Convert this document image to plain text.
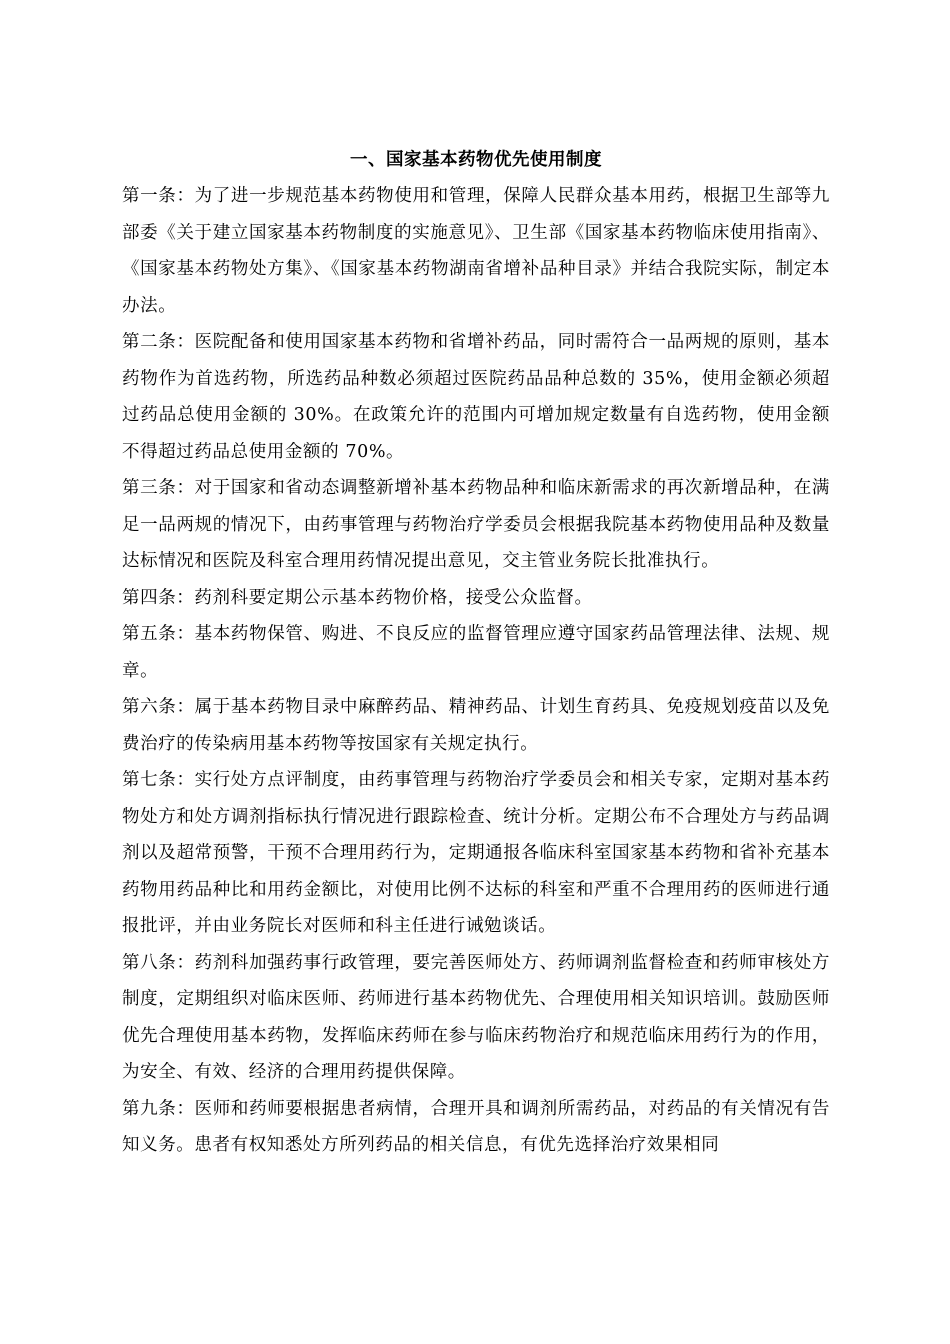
一、国家基本药物优先使用制度

第一条：为了进一步规范基本药物使用和管理，保障人民群众基本用药，根据卫生部等九部委《关于建立国家基本药物制度的实施意见》、卫生部《国家基本药物临床使用指南》、《国家基本药物处方集》、《国家基本药物湖南省增补品种目录》并结合我院实际，制定本办法。

第二条：医院配备和使用国家基本药物和省增补药品，同时需符合一品两规的原则，基本药物作为首选药物，所选药品种数必须超过医院药品品种总数的 35%，使用金额必须超过药品总使用金额的 30%。在政策允许的范围内可增加规定数量有自选药物，使用金额不得超过药品总使用金额的 70%。

第三条：对于国家和省动态调整新增补基本药物品种和临床新需求的再次新增品种，在满足一品两规的情况下，由药事管理与药物治疗学委员会根据我院基本药物使用品种及数量达标情况和医院及科室合理用药情况提出意见，交主管业务院长批准执行。

第四条：药剂科要定期公示基本药物价格，接受公众监督。

第五条：基本药物保管、购进、不良反应的监督管理应遵守国家药品管理法律、法规、规章。

第六条：属于基本药物目录中麻醉药品、精神药品、计划生育药具、免疫规划疫苗以及免费治疗的传染病用基本药物等按国家有关规定执行。

第七条：实行处方点评制度，由药事管理与药物治疗学委员会和相关专家，定期对基本药物处方和处方调剂指标执行情况进行跟踪检查、统计分析。定期公布不合理处方与药品调剂以及超常预警，干预不合理用药行为，定期通报各临床科室国家基本药物和省补充基本药物用药品种比和用药金额比，对使用比例不达标的科室和严重不合理用药的医师进行通报批评，并由业务院长对医师和科主任进行诫勉谈话。

第八条：药剂科加强药事行政管理，要完善医师处方、药师调剂监督检查和药师审核处方制度，定期组织对临床医师、药师进行基本药物优先、合理使用相关知识培训。鼓励医师优先合理使用基本药物，发挥临床药师在参与临床药物治疗和规范临床用药行为的作用，为安全、有效、经济的合理用药提供保障。

第九条：医师和药师要根据患者病情，合理开具和调剂所需药品，对药品的有关情况有告知义务。患者有权知悉处方所列药品的相关信息，有优先选择治疗效果相同
